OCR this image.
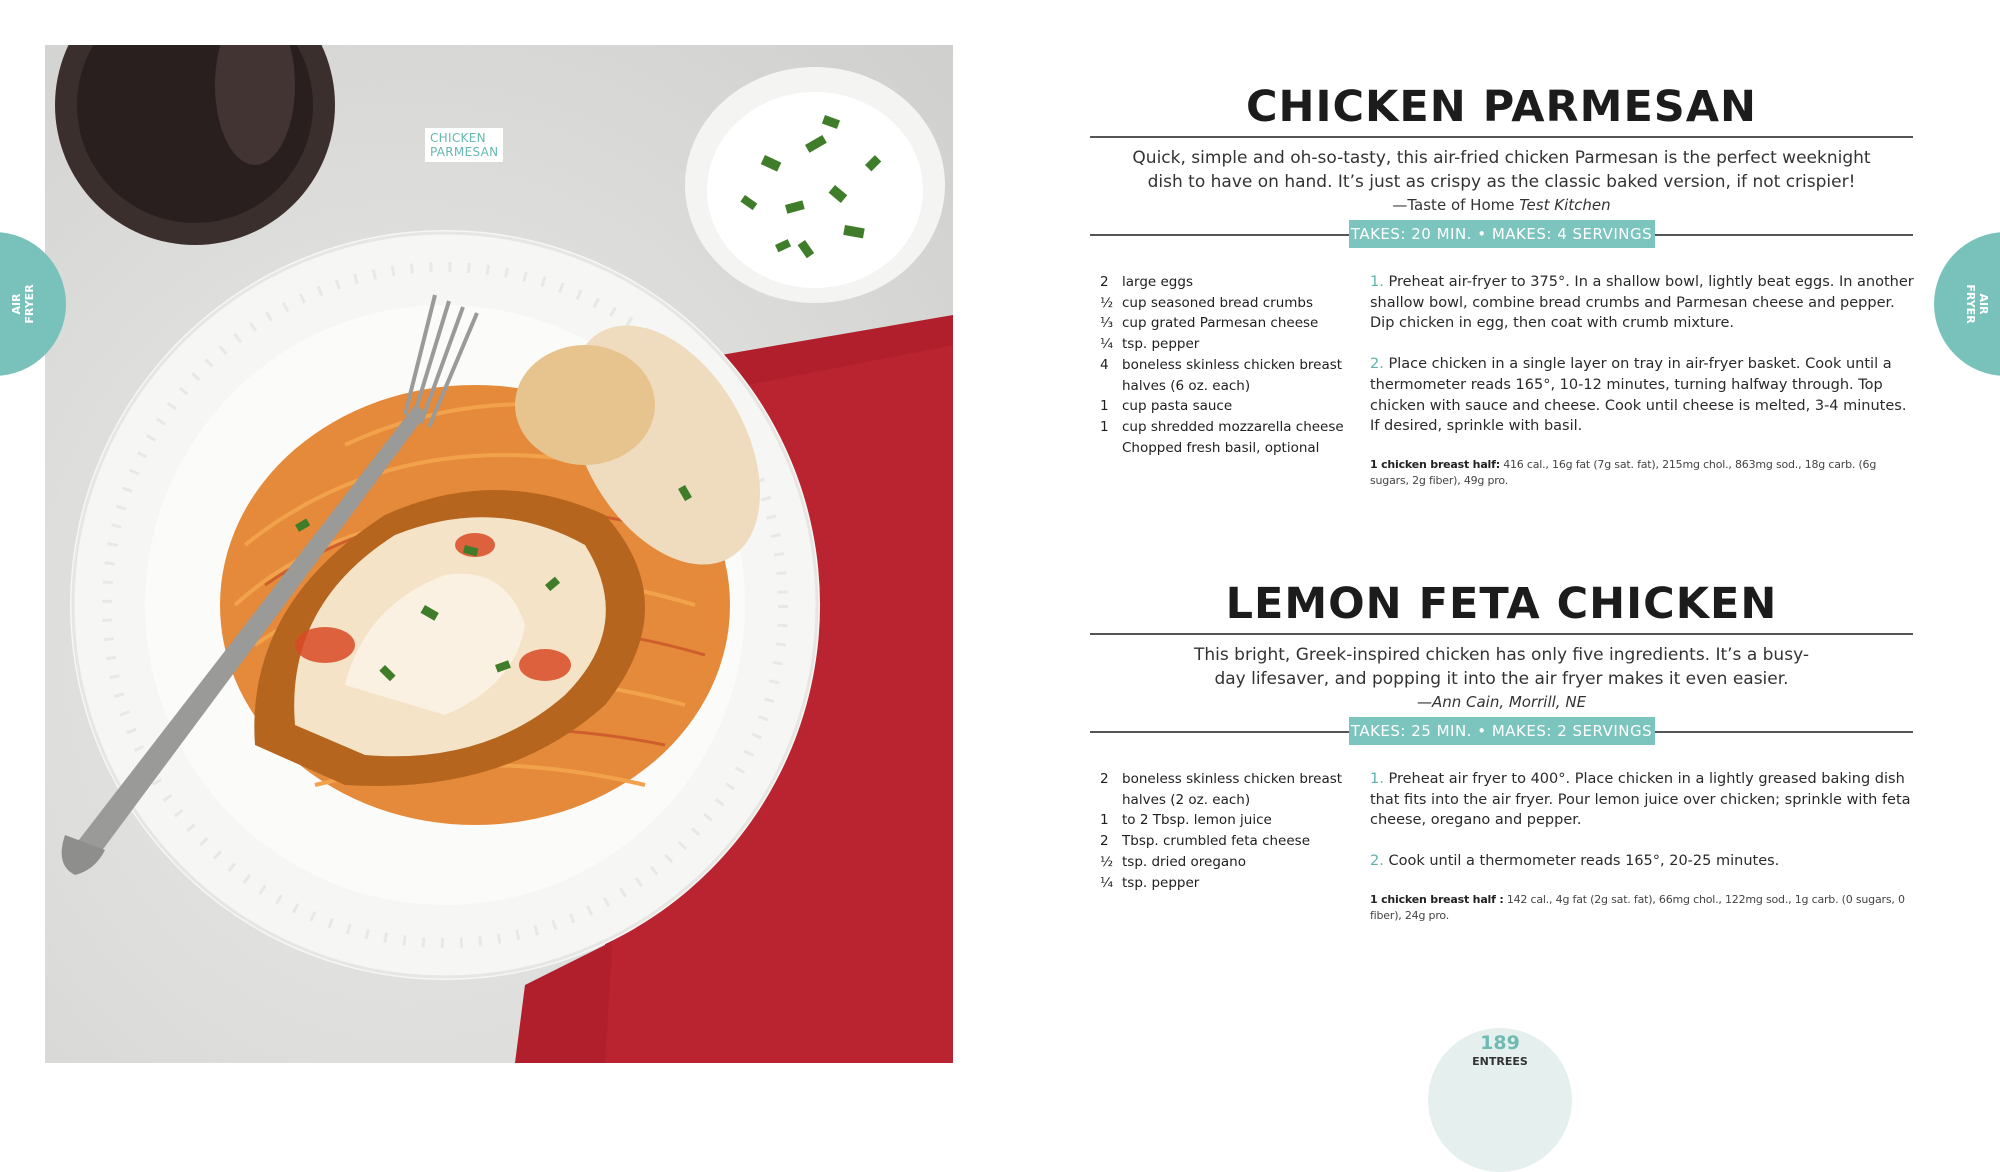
CHICKEN
PARMESAN
AIR FRYER	AIR
FRYER
CHICKEN PARMESAN
Quick, simple and oh-so-tasty, this air-fried chicken Parmesan is the perfect weeknight dish to have on hand. It’s just as crispy as the classic baked version, if not crispier!
—Taste of Home Test Kitchen
TAKES: 20 MIN. • MAKES: 4 SERVINGS
2 large eggs
½ cup seasoned bread crumbs
⅓ cup grated Parmesan cheese
¼ tsp. pepper
4 boneless skinless chicken breast halves (6 oz. each)
1 cup pasta sauce
1 cup shredded mozzarella cheese
Chopped fresh basil, optional
1. Preheat air-fryer to 375°. In a shallow bowl, lightly beat eggs. In another shallow bowl, combine bread crumbs and Parmesan cheese and pepper. Dip chicken in egg, then coat with crumb mixture.
2. Place chicken in a single layer on tray in air-fryer basket. Cook until a thermometer reads 165°, 10-12 minutes, turning halfway through. Top chicken with sauce and cheese. Cook until cheese is melted, 3-4 minutes. If desired, sprinkle with basil.
1 chicken breast half: 416 cal., 16g fat (7g sat. fat), 215mg chol., 863mg sod., 18g carb. (6g sugars, 2g fiber), 49g pro.
LEMON FETA CHICKEN
This bright, Greek-inspired chicken has only five ingredients. It’s a busy-day lifesaver, and popping it into the air fryer makes it even easier.
—Ann Cain, Morrill, NE
TAKES: 25 MIN. • MAKES: 2 SERVINGS
2 boneless skinless chicken breast halves (2 oz. each)
1 to 2 Tbsp. lemon juice
2 Tbsp. crumbled feta cheese
½ tsp. dried oregano
¼ tsp. pepper
1. Preheat air fryer to 400°. Place chicken in a lightly greased baking dish that fits into the air fryer. Pour lemon juice over chicken; sprinkle with feta cheese, oregano and pepper.
2. Cook until a thermometer reads 165°, 20-25 minutes.
1 chicken breast half : 142 cal., 4g fat (2g sat. fat), 66mg chol., 122mg sod., 1g carb. (0 sugars, 0 fiber), 24g pro.
189
ENTREES
